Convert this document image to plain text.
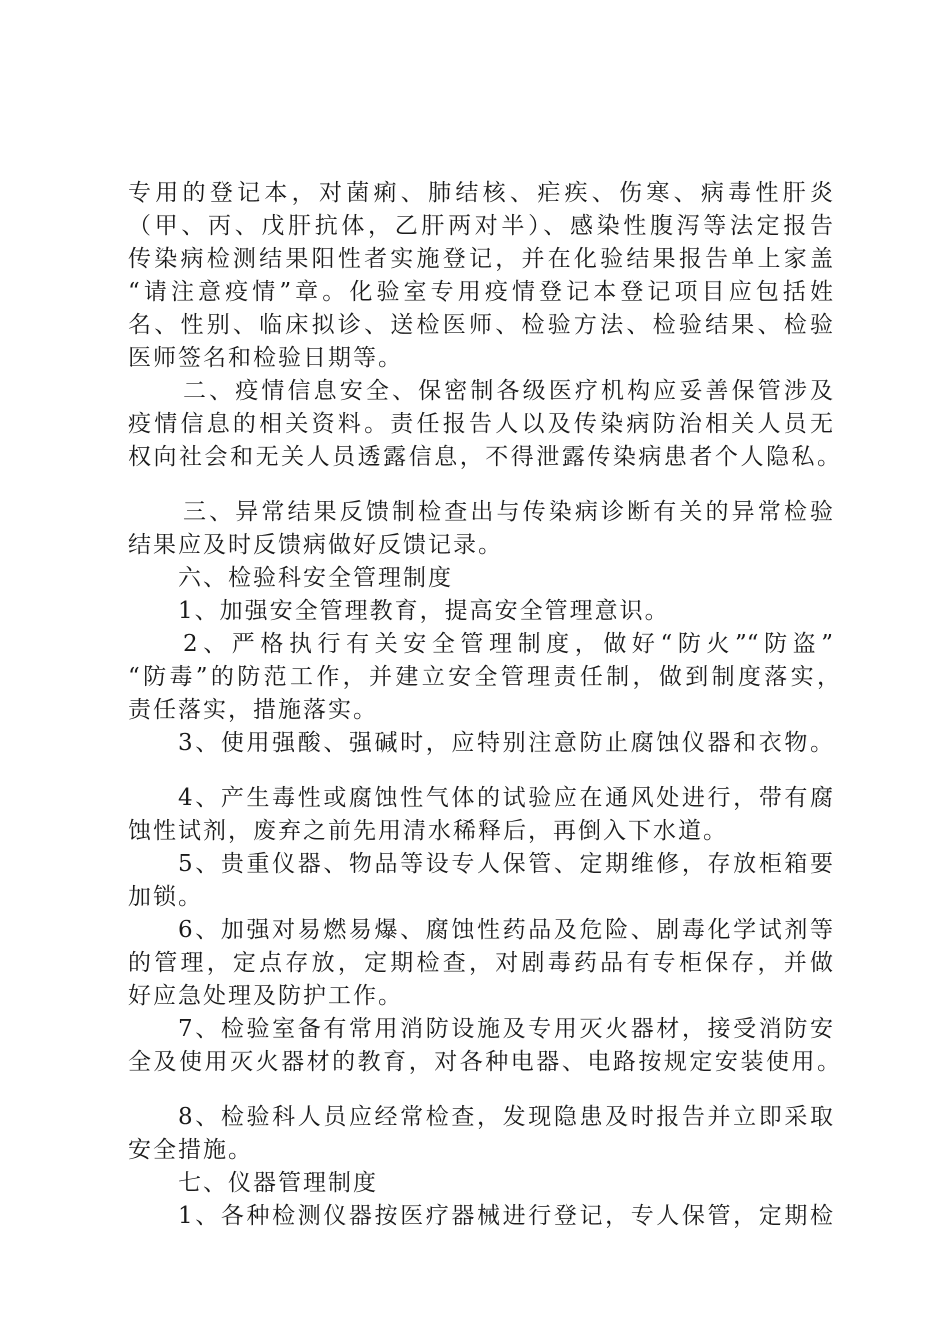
专用的登记本，对菌痢、肺结核、疟疾、伤寒、病毒性肝炎
（甲、丙、戊肝抗体，乙肝两对半）、感染性腹泻等法定报告
传染病检测结果阳性者实施登记，并在化验结果报告单上家盖
“请注意疫情”章。化验室专用疫情登记本登记项目应包括姓
名、性别、临床拟诊、送检医师、检验方法、检验结果、检验
医师签名和检验日期等。
二、疫情信息安全、保密制各级医疗机构应妥善保管涉及
疫情信息的相关资料。责任报告人以及传染病防治相关人员无
权向社会和无关人员透露信息，不得泄露传染病患者个人隐私。
三、异常结果反馈制检查出与传染病诊断有关的异常检验
结果应及时反馈病做好反馈记录。
六、检验科安全管理制度
1、加强安全管理教育，提高安全管理意识。
2、严格执行有关安全管理制度，做好“防火”“防盗”
“防毒”的防范工作，并建立安全管理责任制，做到制度落实，
责任落实，措施落实。
3、使用强酸、强碱时，应特别注意防止腐蚀仪器和衣物。
4、产生毒性或腐蚀性气体的试验应在通风处进行，带有腐
蚀性试剂，废弃之前先用清水稀释后，再倒入下水道。
5、贵重仪器、物品等设专人保管、定期维修，存放柜箱要
加锁。
6、加强对易燃易爆、腐蚀性药品及危险、剧毒化学试剂等
的管理，定点存放，定期检查，对剧毒药品有专柜保存，并做
好应急处理及防护工作。
7、检验室备有常用消防设施及专用灭火器材，接受消防安
全及使用灭火器材的教育，对各种电器、电路按规定安装使用。
8、检验科人员应经常检查，发现隐患及时报告并立即采取
安全措施。
七、仪器管理制度
1、各种检测仪器按医疗器械进行登记，专人保管，定期检
